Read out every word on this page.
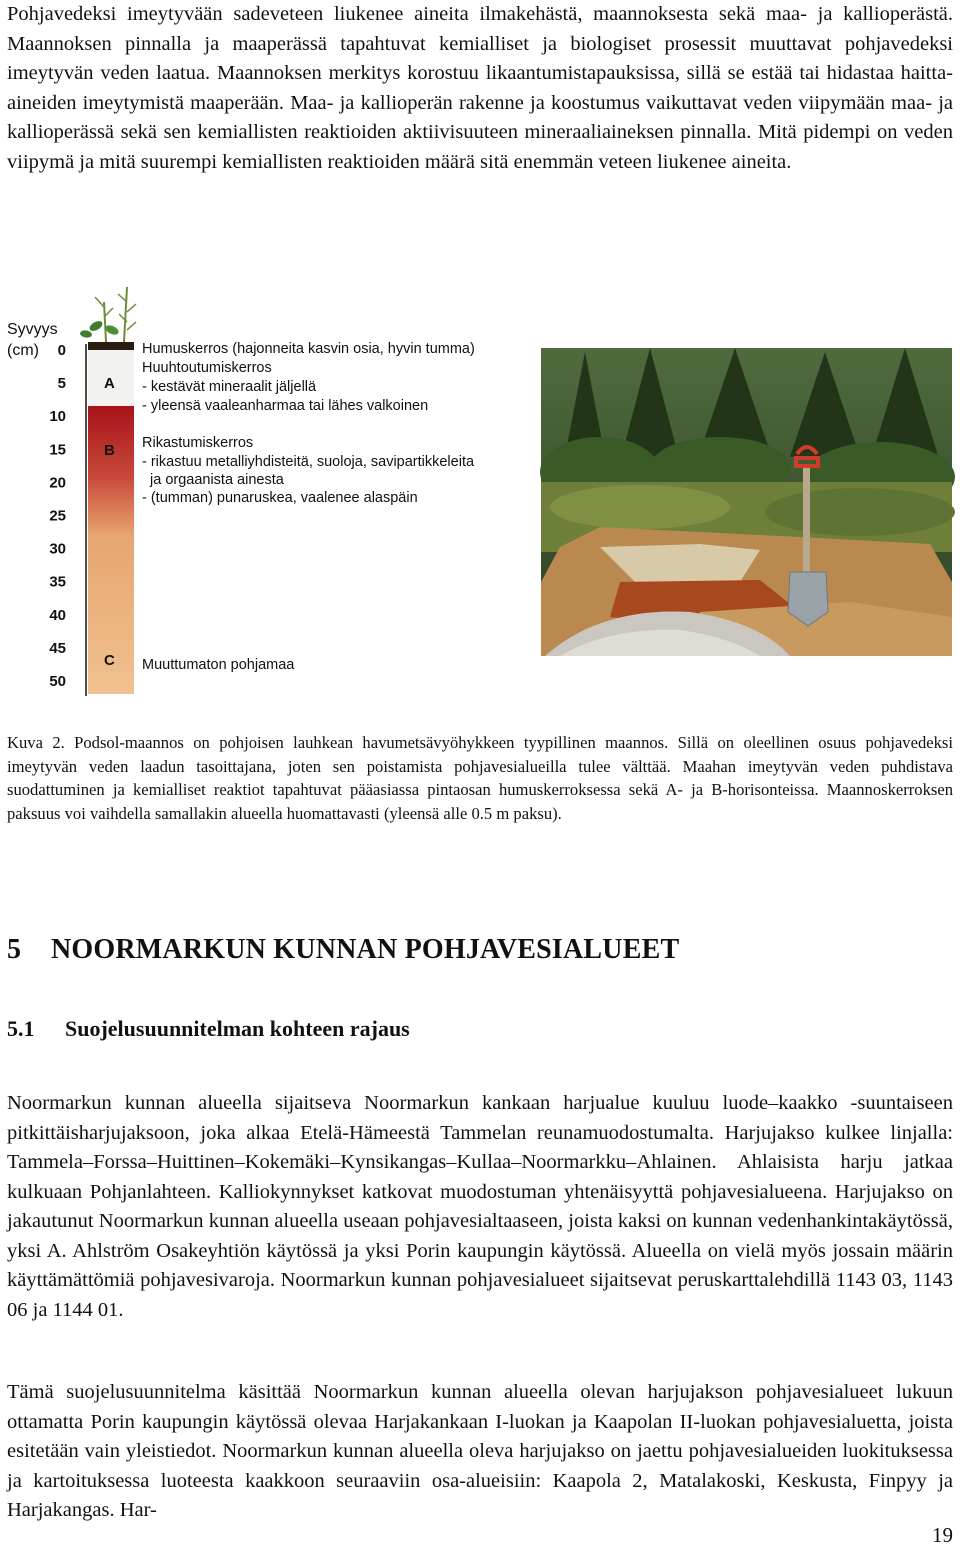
Pohjavedeksi imeytyvään sadeveteen liukenee aineita ilmakehästä, maannoksesta sekä maa- ja kallioperästä. Maannoksen pinnalla ja maaperässä tapahtuvat kemialliset ja biologiset prosessit muuttavat pohjavedeksi imeytyvän veden laatua. Maannoksen merkitys korostuu likaantumistapauksissa, sillä se estää tai hidastaa haitta-aineiden imeytymistä maaperään. Maa- ja kallioperän rakenne ja koostumus vaikuttavat veden viipymään maa- ja kallioperässä sekä sen kemiallisten reaktioiden aktiivisuuteen mineraaliaineksen pinnalla. Mitä pidempi on veden viipymä ja mitä suurempi kemiallisten reaktioiden määrä sitä enemmän veteen liukenee aineita.

0
5
10
15
20
25
30
35
40
45
50
Syvyys
(cm)
A
B
C
Humuskerros (hajonneita kasvin osia, hyvin tumma)
Huuhtoutumiskerros
- kestävät mineraalit jäljellä
- yleensä vaaleanharmaa tai lähes valkoinen
Rikastumiskerros
- rikastuu metalliyhdisteitä, suoloja, savipartikkeleita
ja orgaanista ainesta
- (tumman) punaruskea, vaalenee alaspäin
Muuttumaton pohjamaa

Kuva 2. Podsol-maannos on pohjoisen lauhkean havumetsävyöhykkeen tyypillinen maannos. Sillä on oleellinen osuus pohjavedeksi imeytyvän veden laadun tasoittajana, joten sen poistamista pohjavesialueilla tulee välttää. Maahan imeytyvän veden puhdistava suodattuminen ja kemialliset reaktiot tapahtuvat pääasiassa pintaosan humuskerroksessa sekä A- ja B-horisonteissa. Maannoskerroksen paksuus voi vaihdella samallakin alueella huomattavasti (yleensä alle 0.5 m paksu).

5 NOORMARKUN KUNNAN POHJAVESIALUEET
5.1 Suojelusuunnitelman kohteen rajaus

Noormarkun kunnan alueella sijaitseva Noormarkun kankaan harjualue kuuluu luode–kaakko -suuntaiseen pitkittäisharjujaksoon, joka alkaa Etelä-Hämeestä Tammelan reunamuodostumalta. Harjujakso kulkee linjalla: Tammela–Forssa–Huittinen–Kokemäki–Kynsikangas–Kullaa–Noormarkku–Ahlainen. Ahlaisista harju jatkaa kulkuaan Pohjanlahteen. Kalliokynnykset katkovat muodostuman yhtenäisyyttä pohjavesialueena. Harjujakso on jakautunut Noormarkun kunnan alueella useaan pohjavesialtaaseen, joista kaksi on kunnan vedenhankintakäytössä, yksi A. Ahlström Osakeyhtiön käytössä ja yksi Porin kaupungin käytössä. Alueella on vielä myös jossain määrin käyttämättömiä pohjavesivaroja. Noormarkun kunnan pohjavesialueet sijaitsevat peruskarttalehdillä 1143 03, 1143 06 ja 1144 01.

Tämä suojelusuunnitelma käsittää Noormarkun kunnan alueella olevan harjujakson pohjavesialueet lukuun ottamatta Porin kaupungin käytössä olevaa Harjakankaan I-luokan ja Kaapolan II-luokan pohjavesialuetta, joista esitetään vain yleistiedot. Noormarkun kunnan alueella oleva harjujakso on jaettu pohjavesialueiden luokituksessa ja kartoituksessa luoteesta kaakkoon seuraaviin osa-alueisiin: Kaapola 2, Matalakoski, Keskusta, Finpyy ja Harjakangas. Har-

19
